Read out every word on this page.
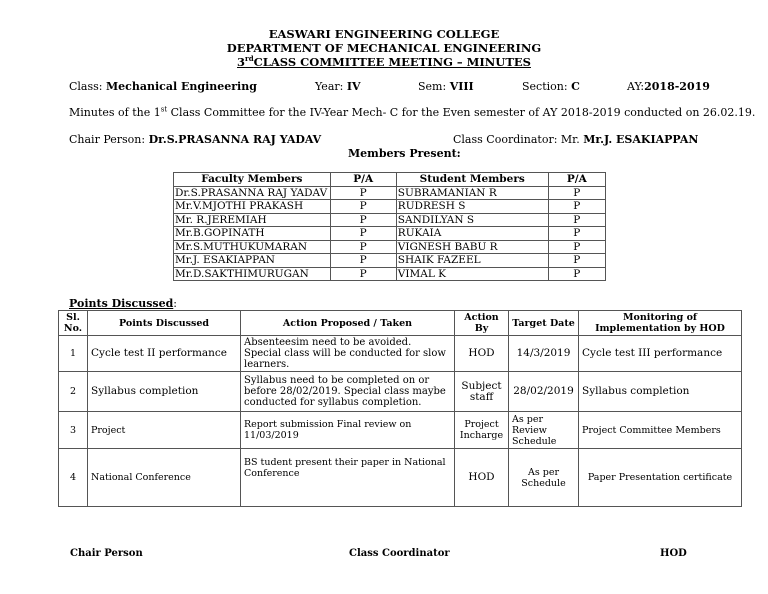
EASWARI ENGINEERING COLLEGE
DEPARTMENT OF MECHANICAL ENGINEERING
3rdCLASS COMMITTEE MEETING – MINUTES
Class: Mechanical Engineering	Year: IV	Sem: VIII	Section: C	AY:2018-2019
Minutes of the 1st Class Committee for the IV-Year Mech- C for the Even semester of AY 2018-2019 conducted on 26.02.19.
Chair Person: Dr.S.PRASANNA RAJ YADAV	Class Coordinator: Mr. Mr.J. ESAKIAPPAN
Members Present:
Faculty Members	P/A	Student Members	P/A
Dr.S.PRASANNA RAJ YADAV	P	SUBRAMANIAN R	P
Mr.V.MJOTHI PRAKASH	P	RUDRESH S	P
Mr. R.JEREMIAH	P	SANDILYAN S	P
Mr.B.GOPINATH	P	RUKAIA	P
Mr.S.MUTHUKUMARAN	P	VIGNESH BABU R	P
Mr.J. ESAKIAPPAN	P	SHAIK FAZEEL	P
Mr.D.SAKTHIMURUGAN	P	VIMAL K	P
Points Discussed:
Sl. No.	Points Discussed	Action Proposed / Taken	Action By	Target Date	Monitoring of Implementation by HOD
1	Cycle test II performance	Absenteesim need to be avoided. Special class will be conducted for slow learners.	HOD	14/3/2019	Cycle test III performance
2	Syllabus completion	Syllabus need to be completed on or before 28/02/2019. Special class maybe conducted for syllabus completion.	Subject staff	28/02/2019	Syllabus completion
3	Project	Report submission Final review on 11/03/2019	Project Incharge	As per Review Schedule	Project Committee Members
4	National Conference	BS tudent present their paper in National Conference	HOD	As per Schedule	Paper Presentation certificate
Chair Person	Class Coordinator	HOD
